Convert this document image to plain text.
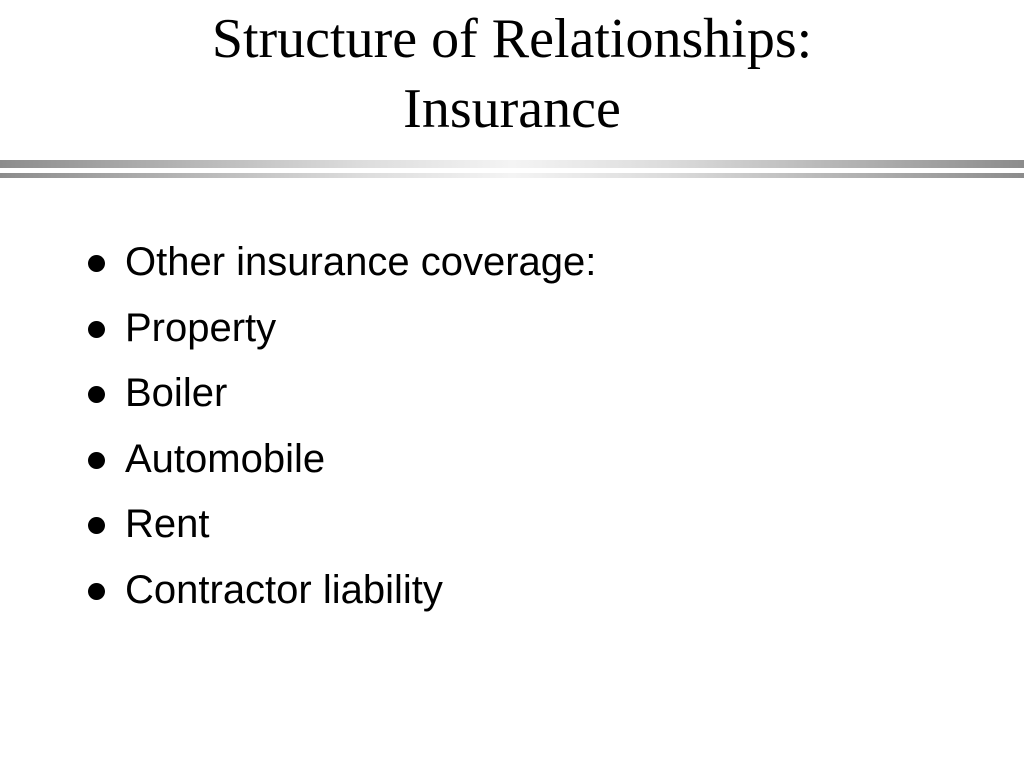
Structure of Relationships:
Insurance
Other insurance coverage:
Property
Boiler
Automobile
Rent
Contractor liability
